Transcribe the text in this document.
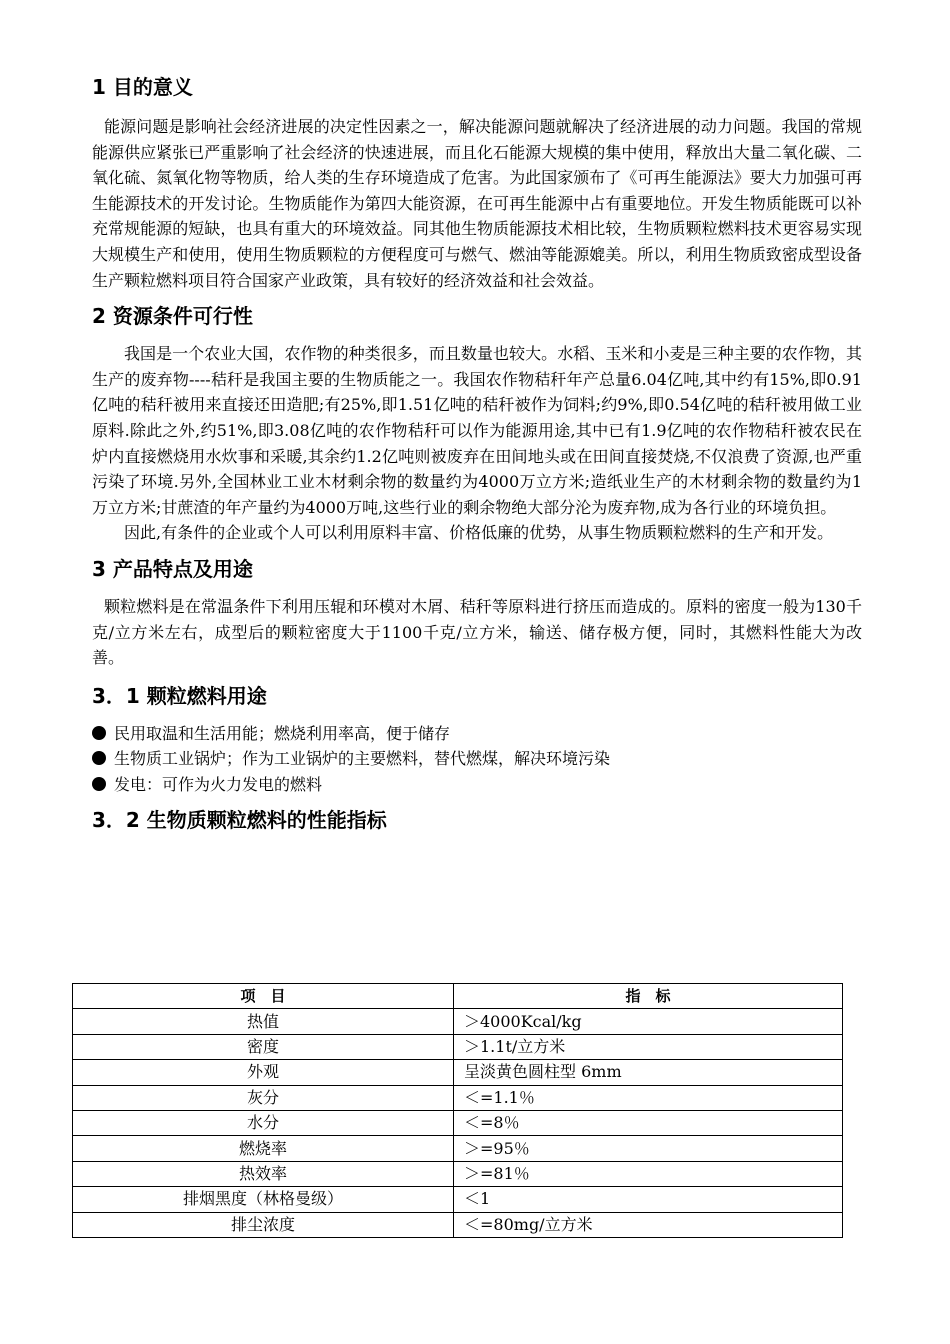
1 目的意义

能源问题是影响社会经济进展的决定性因素之一，解决能源问题就解决了经济进展的动力问题。我国的常规能源供应紧张已严重影响了社会经济的快速进展，而且化石能源大规模的集中使用，释放出大量二氧化碳、二氧化硫、氮氧化物等物质，给人类的生存环境造成了危害。为此国家颁布了《可再生能源法》要大力加强可再生能源技术的开发讨论。生物质能作为第四大能资源，在可再生能源中占有重要地位。开发生物质能既可以补充常规能源的短缺，也具有重大的环境效益。同其他生物质能源技术相比较，生物质颗粒燃料技术更容易实现大规模生产和使用，使用生物质颗粒的方便程度可与燃气、燃油等能源媲美。所以，利用生物质致密成型设备生产颗粒燃料项目符合国家产业政策，具有较好的经济效益和社会效益。

2 资源条件可行性

我国是一个农业大国，农作物的种类很多，而且数量也较大。水稻、玉米和小麦是三种主要的农作物，其生产的废弃物----秸秆是我国主要的生物质能之一。我国农作物秸秆年产总量6.04亿吨,其中约有15%,即0.91亿吨的秸秆被用来直接还田造肥;有25%,即1.51亿吨的秸秆被作为饲料;约9%,即0.54亿吨的秸秆被用做工业原料.除此之外,约51%,即3.08亿吨的农作物秸秆可以作为能源用途,其中已有1.9亿吨的农作物秸秆被农民在炉内直接燃烧用水炊事和采暖,其余约1.2亿吨则被废弃在田间地头或在田间直接焚烧,不仅浪费了资源,也严重污染了环境.另外,全国林业工业木材剩余物的数量约为4000万立方米;造纸业生产的木材剩余物的数量约为1万立方米;甘蔗渣的年产量约为4000万吨,这些行业的剩余物绝大部分沦为废弃物,成为各行业的环境负担。

因此,有条件的企业或个人可以利用原料丰富、价格低廉的优势，从事生物质颗粒燃料的生产和开发。

3 产品特点及用途

颗粒燃料是在常温条件下利用压辊和环模对木屑、秸秆等原料进行挤压而造成的。原料的密度一般为130千克/立方米左右，成型后的颗粒密度大于1100千克/立方米，输送、储存极方便，同时，其燃料性能大为改善。

3．1 颗粒燃料用途
民用取温和生活用能；燃烧利用率高，便于储存
生物质工业锅炉；作为工业锅炉的主要燃料，替代燃煤，解决环境污染
发电：可作为火力发电的燃料
3．2 生物质颗粒燃料的性能指标
项　目	指　标
热值	＞4000Kcal/kg
密度	＞1.1t/立方米
外观	呈淡黄色圆柱型 6mm
灰分	＜=1.1％
水分	＜=8％
燃烧率	＞=95％
热效率	＞=81％
排烟黑度（林格曼级）	＜1
排尘浓度	＜=80mg/立方米
